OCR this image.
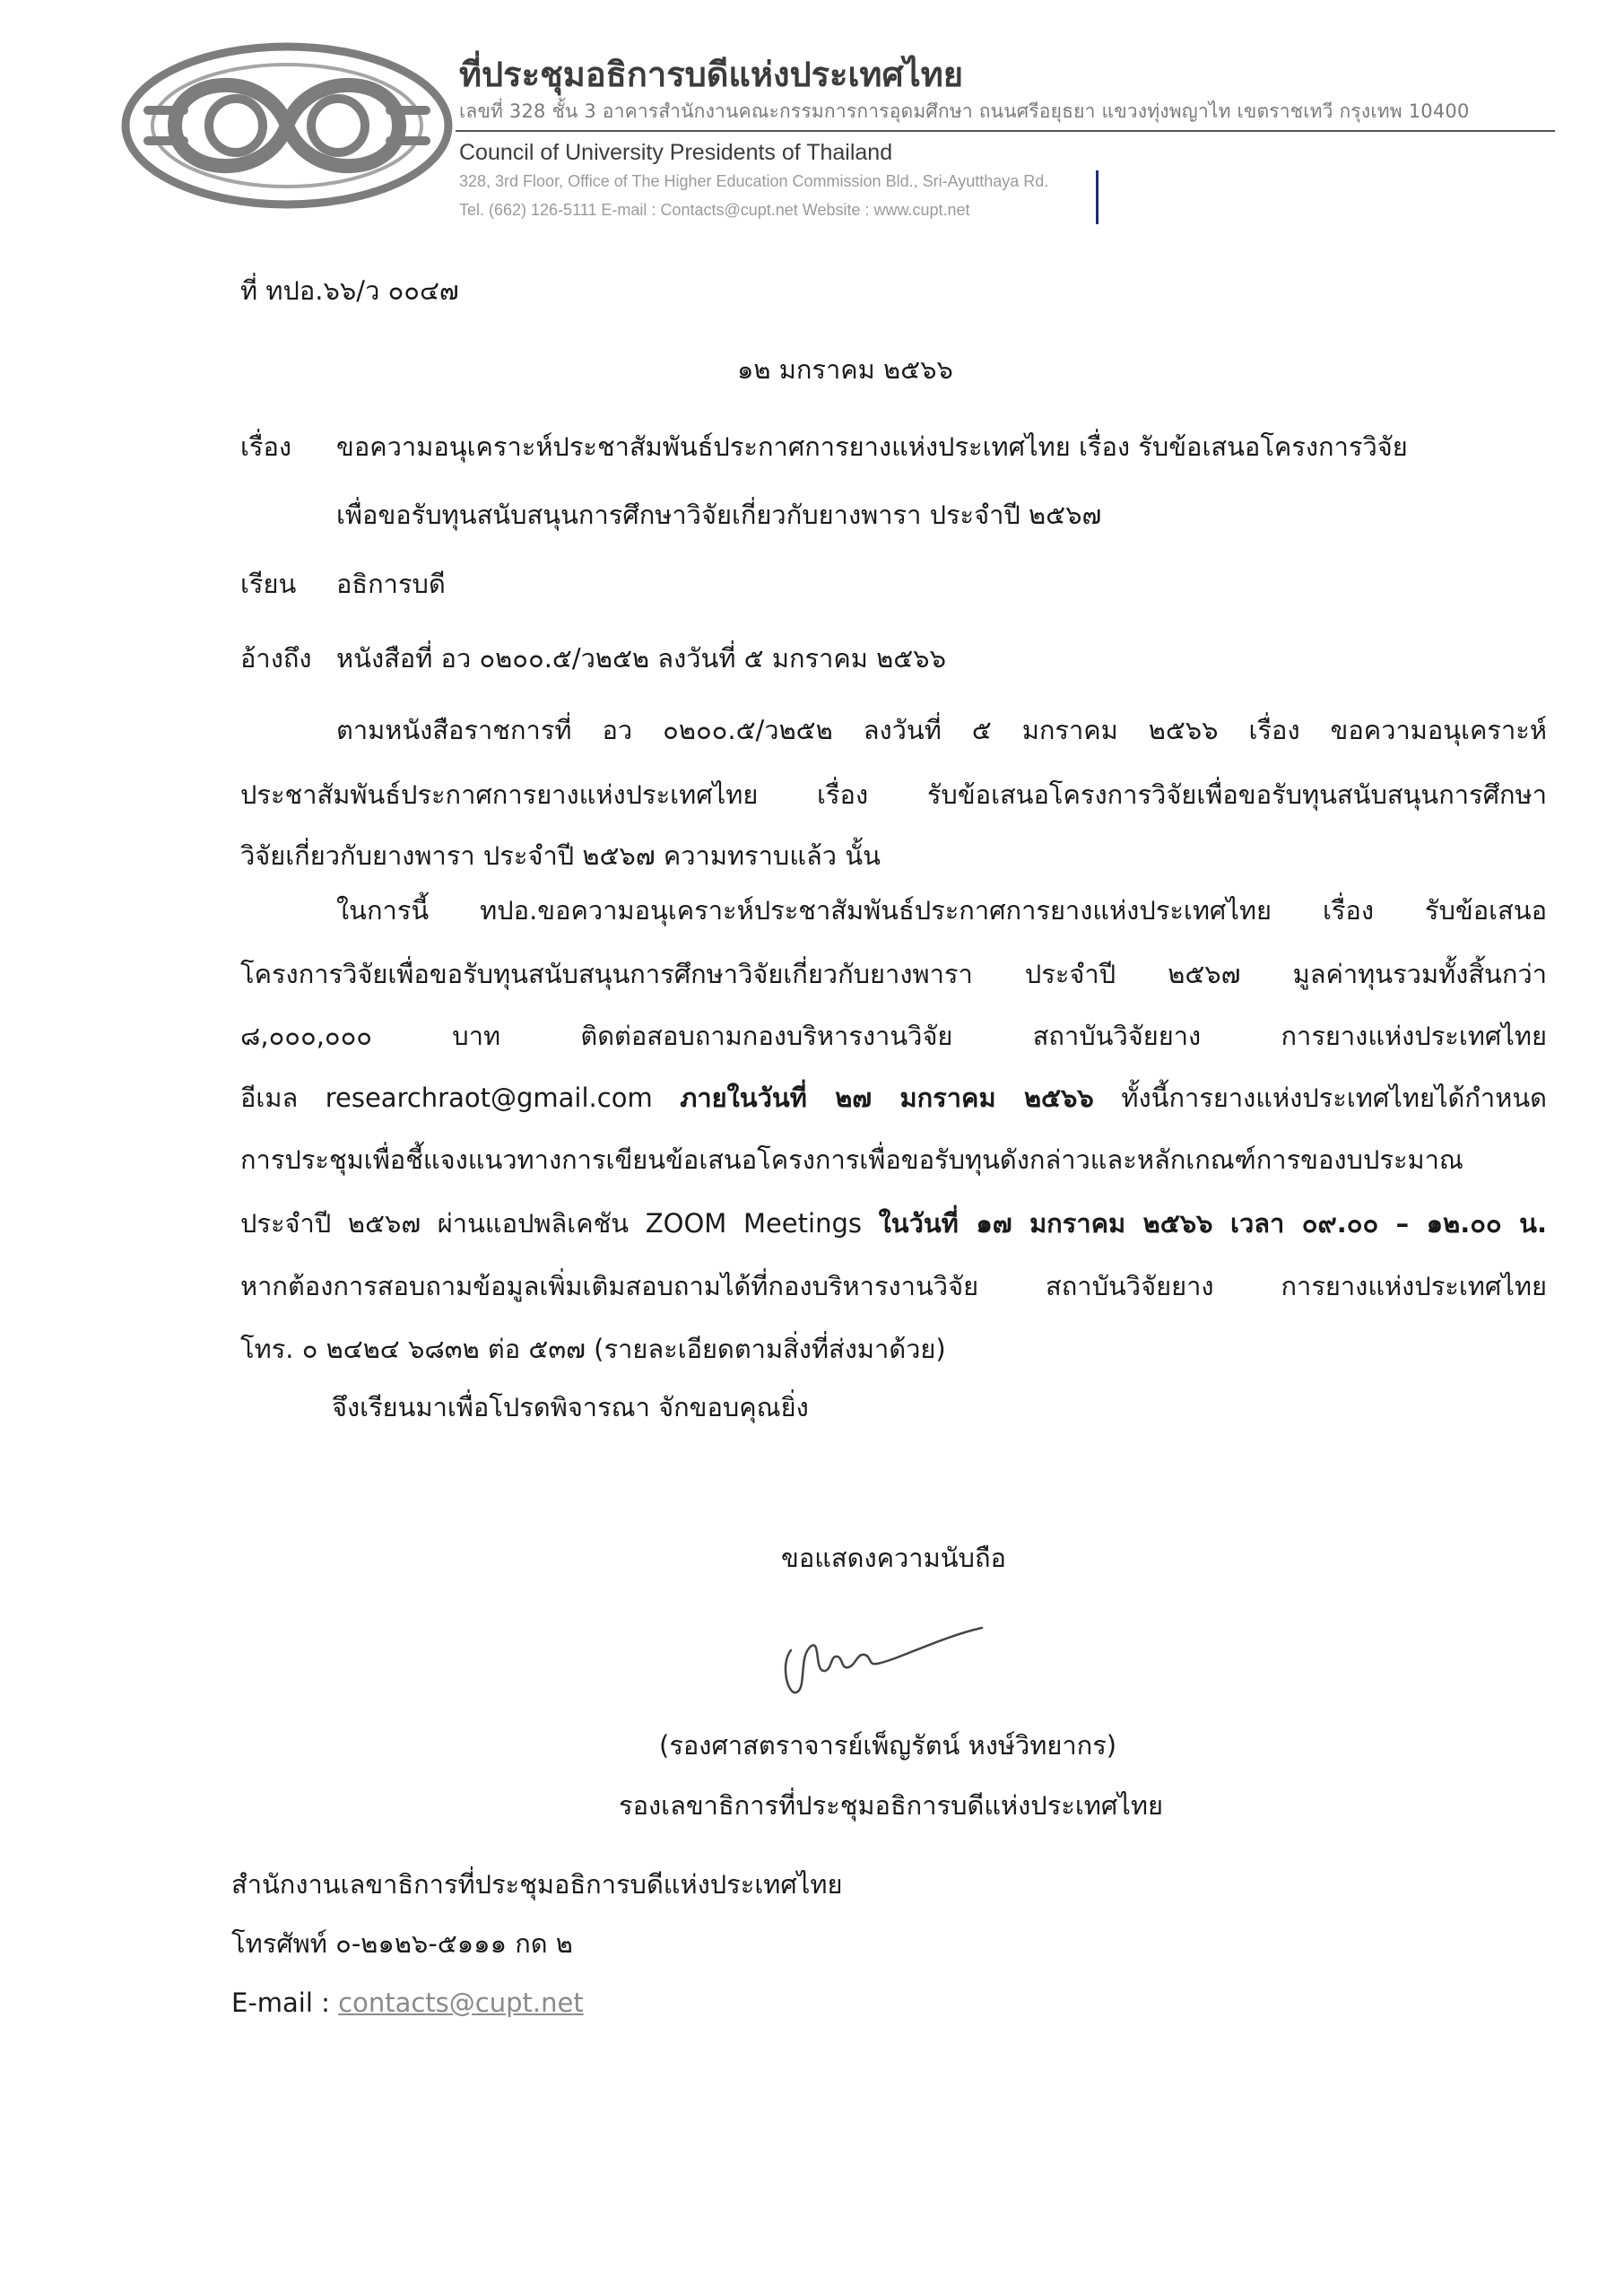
ที่ประชุมอธิการบดีแห่งประเทศไทย
เลขที่ 328 ชั้น 3 อาคารสำนักงานคณะกรรมการการอุดมศึกษา ถนนศรีอยุธยา แขวงทุ่งพญาไท เขตราชเทวี กรุงเทพ 10400
Council of University Presidents of Thailand
328, 3rd Floor, Office of The Higher Education Commission Bld., Sri-Ayutthaya Rd.
Tel. (662) 126-5111 E-mail : Contacts@cupt.net Website : www.cupt.net
ที่ ทปอ.๖๖/ว ๐๐๔๗
๑๒ มกราคม ๒๕๖๖
เรื่อง ขอความอนุเคราะห์ประชาสัมพันธ์ประกาศการยางแห่งประเทศไทย เรื่อง รับข้อเสนอโครงการวิจัย
เพื่อขอรับทุนสนับสนุนการศึกษาวิจัยเกี่ยวกับยางพารา ประจำปี ๒๕๖๗
เรียน อธิการบดี
อ้างถึง หนังสือที่ อว ๐๒๐๐.๕/ว๒๕๒ ลงวันที่ ๕ มกราคม ๒๕๖๖
ตามหนังสือราชการที่ อว ๐๒๐๐.๕/ว๒๕๒ ลงวันที่ ๕ มกราคม ๒๕๖๖ เรื่อง ขอความอนุเคราะห์
ประชาสัมพันธ์ประกาศการยางแห่งประเทศไทย เรื่อง รับข้อเสนอโครงการวิจัยเพื่อขอรับทุนสนับสนุนการศึกษา
วิจัยเกี่ยวกับยางพารา ประจำปี ๒๕๖๗ ความทราบแล้ว นั้น
ในการนี้ ทปอ.ขอความอนุเคราะห์ประชาสัมพันธ์ประกาศการยางแห่งประเทศไทย เรื่อง รับข้อเสนอ
โครงการวิจัยเพื่อขอรับทุนสนับสนุนการศึกษาวิจัยเกี่ยวกับยางพารา ประจำปี ๒๕๖๗ มูลค่าทุนรวมทั้งสิ้นกว่า
๘,๐๐๐,๐๐๐ บาท ติดต่อสอบถามกองบริหารงานวิจัย สถาบันวิจัยยาง การยางแห่งประเทศไทย
อีเมล researchraot@gmail.com ภายในวันที่ ๒๗ มกราคม ๒๕๖๖ ทั้งนี้การยางแห่งประเทศไทยได้กำหนด
การประชุมเพื่อชี้แจงแนวทางการเขียนข้อเสนอโครงการเพื่อขอรับทุนดังกล่าวและหลักเกณฑ์การของบประมาณ
ประจำปี ๒๕๖๗ ผ่านแอปพลิเคชัน ZOOM Meetings ในวันที่ ๑๗ มกราคม ๒๕๖๖ เวลา ๐๙.๐๐ – ๑๒.๐๐ น.
หากต้องการสอบถามข้อมูลเพิ่มเติมสอบถามได้ที่กองบริหารงานวิจัย สถาบันวิจัยยาง การยางแห่งประเทศไทย
โทร. ๐ ๒๔๒๔ ๖๘๓๒ ต่อ ๕๓๗ (รายละเอียดตามสิ่งที่ส่งมาด้วย)
จึงเรียนมาเพื่อโปรดพิจารณา จักขอบคุณยิ่ง
ขอแสดงความนับถือ
(รองศาสตราจารย์เพ็ญรัตน์ หงษ์วิทยากร)
รองเลขาธิการที่ประชุมอธิการบดีแห่งประเทศไทย
สำนักงานเลขาธิการที่ประชุมอธิการบดีแห่งประเทศไทย
โทรศัพท์ ๐-๒๑๒๖-๕๑๑๑ กด ๒
E-mail : contacts@cupt.net
